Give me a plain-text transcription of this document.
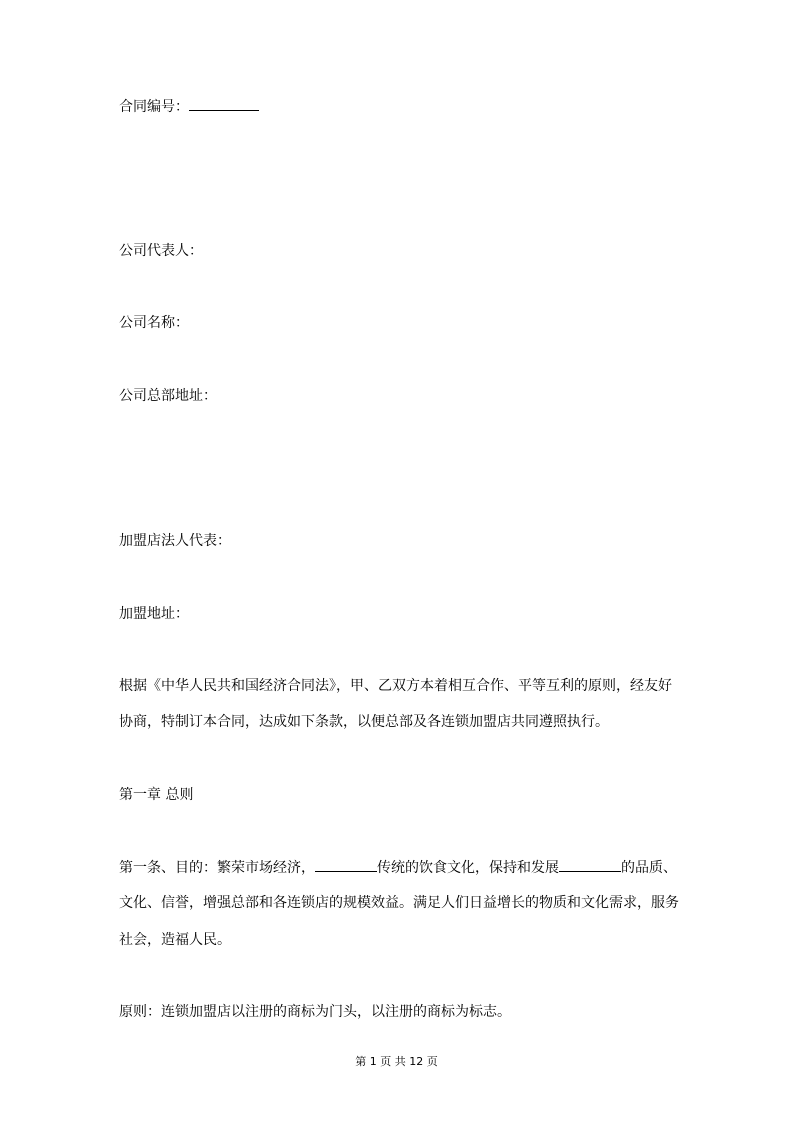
合同编号：
公司代表人：
公司名称：
公司总部地址：
加盟店法人代表：
加盟地址：
根据《中华人民共和国经济合同法》，甲、乙双方本着相互合作、平等互利的原则，经友好
协商，特制订本合同，达成如下条款，以便总部及各连锁加盟店共同遵照执行。
第一章 总则
第一条、目的：繁荣市场经济，	传统的饮食文化，保持和发展	的品质、
文化、信誉，增强总部和各连锁店的规模效益。满足人们日益增长的物质和文化需求，服务
社会，造福人民。
原则：连锁加盟店以注册的商标为门头，以注册的商标为标志。
第 1 页 共 12 页
